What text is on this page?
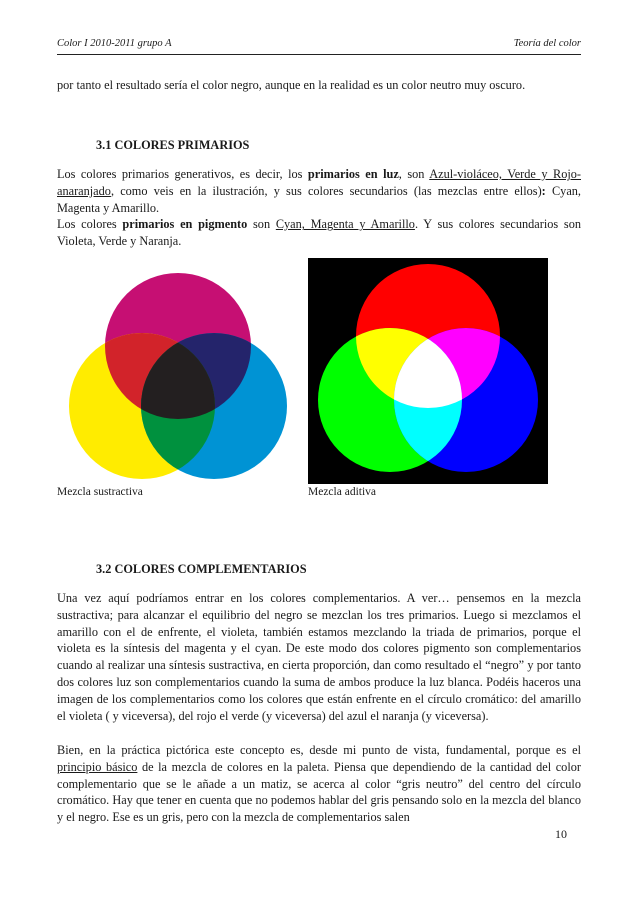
Color I 2010-2011 grupo A	Teoría del color
por tanto el resultado sería el color negro, aunque en la realidad es un color neutro muy oscuro.
3.1 COLORES PRIMARIOS
Los colores primarios generativos, es decir, los primarios en luz, son Azul-violáceo, Verde y Rojo-anaranjado, como veis en la ilustración, y sus colores secundarios (las mezclas entre ellos): Cyan, Magenta y Amarillo.
Los colores primarios en pigmento son Cyan, Magenta y Amarillo. Y sus colores secundarios son Violeta, Verde y Naranja.
Mezcla sustractiva	Mezcla aditiva
3.2 COLORES COMPLEMENTARIOS
Una vez aquí podríamos entrar en los colores complementarios. A ver… pensemos en la mezcla sustractiva; para alcanzar el equilibrio del negro se mezclan los tres primarios. Luego si mezclamos el amarillo con el de enfrente, el violeta, también estamos mezclando la triada de primarios, porque el violeta es la síntesis del magenta y el cyan. De este modo dos colores pigmento son complementarios cuando al realizar una síntesis sustractiva, en cierta proporción, dan como resultado el “negro” y por tanto dos colores luz son complementarios cuando la suma de ambos produce la luz blanca. Podéis haceros una imagen de los complementarios como los colores que están enfrente en el círculo cromático: del amarillo el violeta ( y viceversa), del rojo el verde (y viceversa) del azul el naranja (y viceversa).
Bien, en la práctica pictórica este concepto es, desde mi punto de vista, fundamental, porque es el principio básico de la mezcla de colores en la paleta. Piensa que dependiendo de la cantidad del color complementario que se le añade a un matiz, se acerca al color “gris neutro” del centro del círculo cromático. Hay que tener en cuenta que no podemos hablar del gris pensando solo en la mezcla del blanco y el negro. Ese es un gris, pero con la mezcla de complementarios salen
10
